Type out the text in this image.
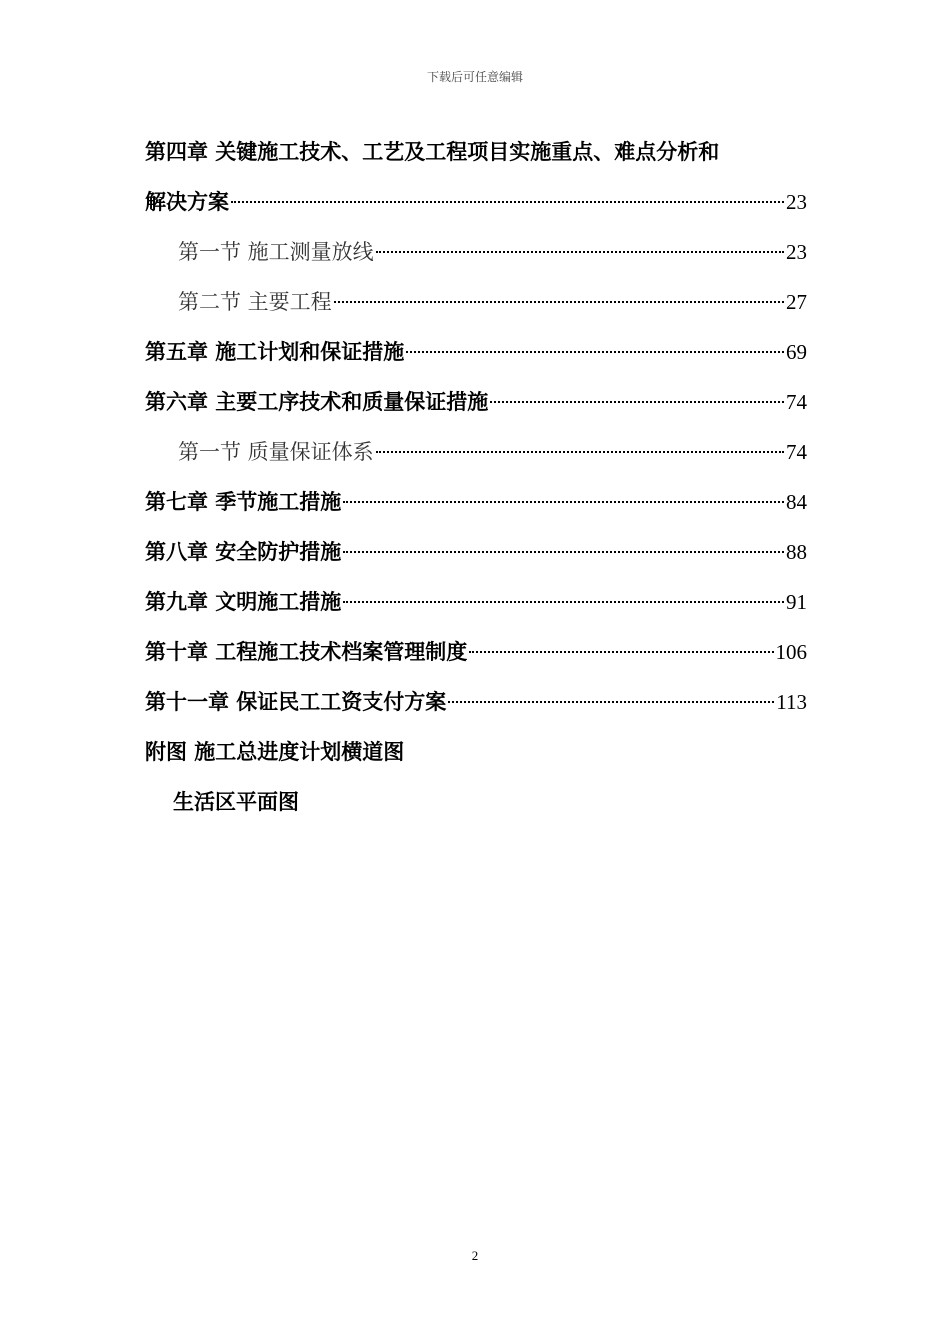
下载后可任意编辑
第四章 关键施工技术、工艺及工程项目实施重点、难点分析和
解决方案	23
第一节 施工测量放线	23
第二节 主要工程	27
第五章 施工计划和保证措施	69
第六章 主要工序技术和质量保证措施	74
第一节 质量保证体系	74
第七章 季节施工措施	84
第八章 安全防护措施	88
第九章 文明施工措施	91
第十章 工程施工技术档案管理制度	106
第十一章 保证民工工资支付方案	113
附图 施工总进度计划横道图
生活区平面图
2
